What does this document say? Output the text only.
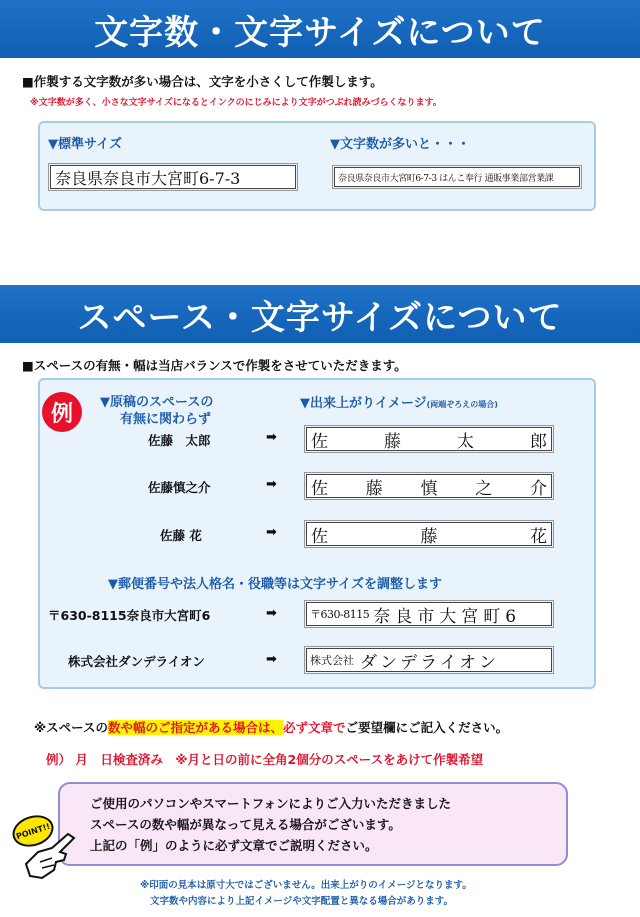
文字数・文字サイズについて
■作製する文字数が多い場合は、文字を小さくして作製します。
※文字数が多く、小さな文字サイズになるとインクのにじみにより文字がつぶれ読みづらくなります。
▼標準サイズ	▼文字数が多いと・・・
奈良県奈良市大宮町6-7-3	奈良県奈良市大宮町6-7-3 はんこ奉行 通販事業部営業課
スペース・文字サイズについて
■スペースの有無・幅は当店バランスで作製をさせていただきます。
例	▼原稿のスペースの
有無に関わらず
▼出来上がりイメージ(両端ぞろえの場合)
佐藤　太郎	➡ 佐	藤	太	郎
佐藤慎之介	➡ 佐 藤 慎 之 介
佐藤 花	➡ 佐	藤	花
▼郵便番号や法人格名・役職等は文字サイズを調整します
〒630-8115奈良市大宮町6	➡	〒630-8115 奈良市大宮町6
株式会社ダンデライオン	➡	株式会社 ダンデライオン
※スペースの数や幅のご指定がある場合は、必ず文章でご要望欄にご記入ください。
例） 月　日検査済み　※月と日の前に全角2個分のスペースをあけて作製希望
ご使用のパソコンやスマートフォンによりご入力いただきました
スペースの数や幅が異なって見える場合がございます。
上記の「例」のように必ず文章でご説明ください。
POINT!!
※印面の見本は原寸大ではございません。出来上がりのイメージとなります。
文字数や内容により上記イメージや文字配置と異なる場合があります。
